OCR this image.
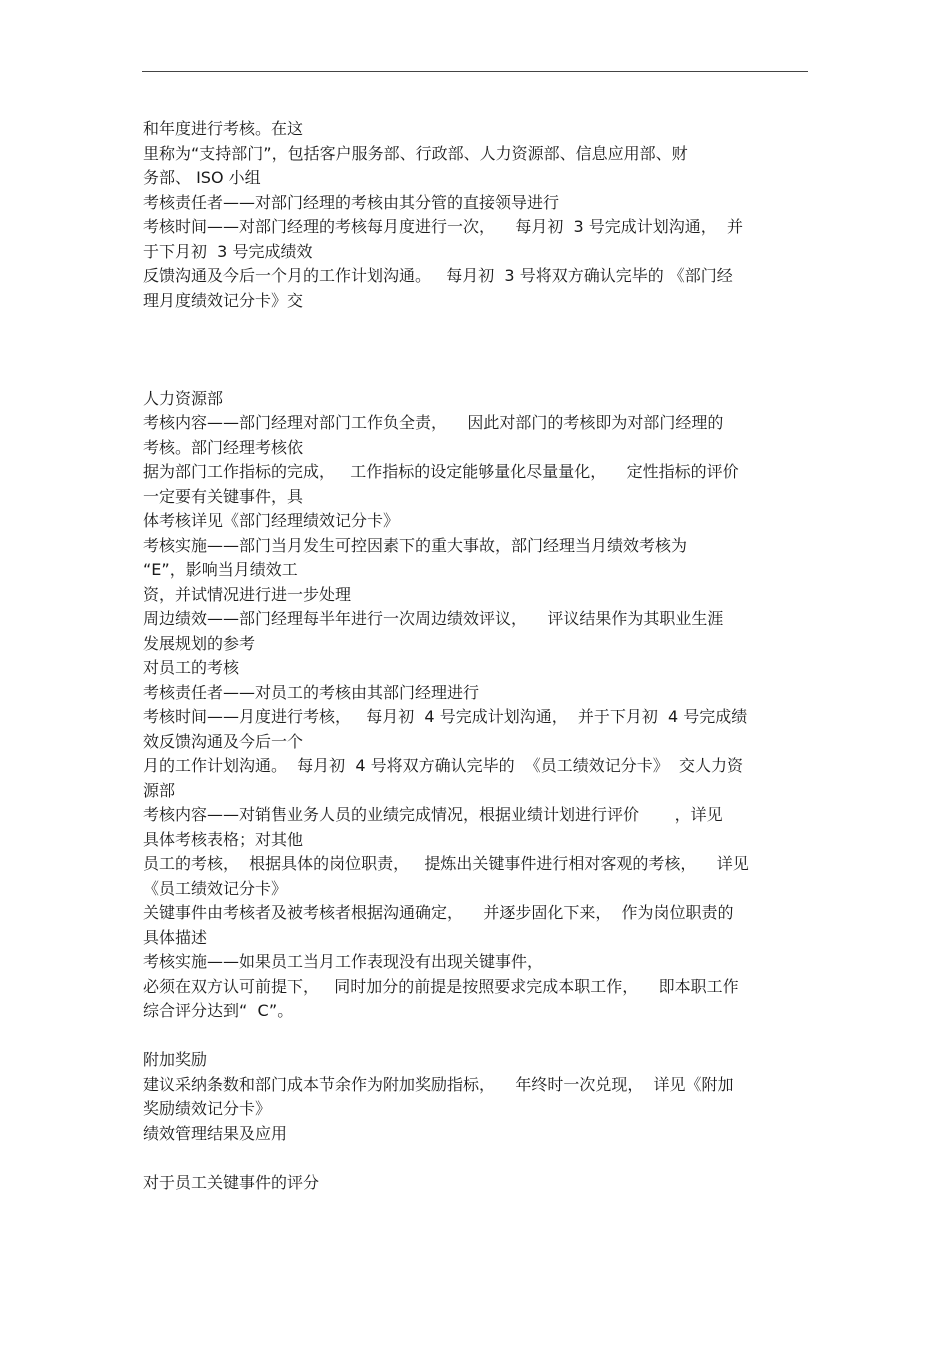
和年度进行考核。在这

里称为“支持部门”，包括客户服务部、行政部、人力资源部、信息应用部、财

务部、 ISO 小组

考核责任者——对部门经理的考核由其分管的直接领导进行

考核时间——对部门经理的考核每月度进行一次，    每月初  3 号完成计划沟通，  并

于下月初  3 号完成绩效

反馈沟通及今后一个月的工作计划沟通。   每月初  3 号将双方确认完毕的 《部门经

理月度绩效记分卡》交

人力资源部

考核内容——部门经理对部门工作负全责，    因此对部门的考核即为对部门经理的

考核。部门经理考核依

据为部门工作指标的完成，   工作指标的设定能够量化尽量量化，    定性指标的评价

一定要有关键事件，具

体考核详见《部门经理绩效记分卡》

考核实施——部门当月发生可控因素下的重大事故，部门经理当月绩效考核为

“E”，影响当月绩效工

资，并试情况进行进一步处理

周边绩效——部门经理每半年进行一次周边绩效评议，    评议结果作为其职业生涯

发展规划的参考

对员工的考核

考核责任者——对员工的考核由其部门经理进行

考核时间——月度进行考核，   每月初  4 号完成计划沟通，  并于下月初  4 号完成绩

效反馈沟通及今后一个

月的工作计划沟通。  每月初  4 号将双方确认完毕的  《员工绩效记分卡》  交人力资

源部

考核内容——对销售业务人员的业绩完成情况，根据业绩计划进行评价       ，详见

具体考核表格；对其他

员工的考核，  根据具体的岗位职责，   提炼出关键事件进行相对客观的考核，    详见

《员工绩效记分卡》

关键事件由考核者及被考核者根据沟通确定，    并逐步固化下来，  作为岗位职责的

具体描述

考核实施——如果员工当月工作表现没有出现关键事件，

必须在双方认可前提下，   同时加分的前提是按照要求完成本职工作，    即本职工作

综合评分达到“  C”。

附加奖励

建议采纳条数和部门成本节余作为附加奖励指标，    年终时一次兑现，  详见《附加

奖励绩效记分卡》

绩效管理结果及应用

对于员工关键事件的评分
